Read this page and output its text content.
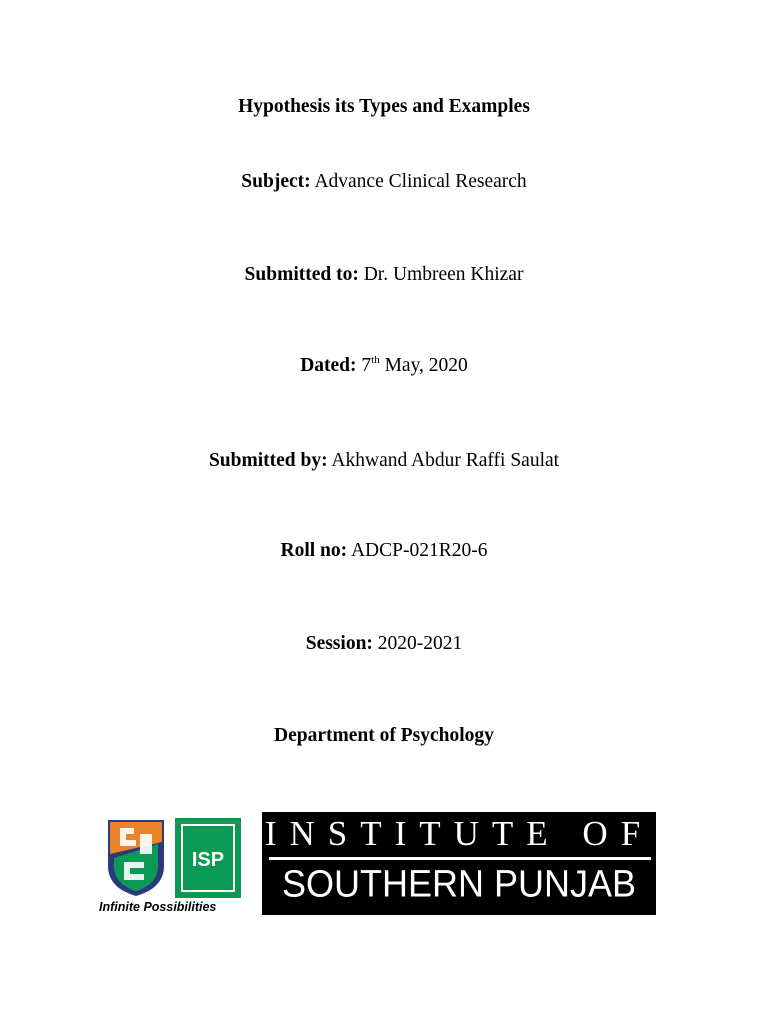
Hypothesis its Types and Examples
Subject: Advance Clinical Research
Submitted to: Dr. Umbreen Khizar
Dated: 7th May, 2020
Submitted by: Akhwand Abdur Raffi Saulat
Roll no: ADCP-021R20-6
Session: 2020-2021
Department of Psychology
ISP
Infinite Possibilities
INSTITUTE OF
SOUTHERN PUNJAB
